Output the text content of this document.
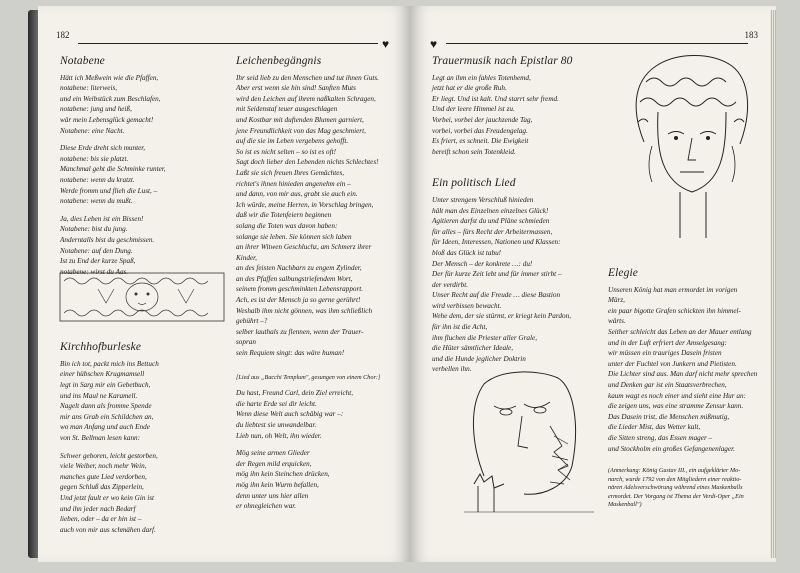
182
♥
Notabene
Hätt ich Meßwein wie die Pfaffen,
notabene: literweis,
und ein Weibstück zum Beschlafen,
notabene: jung und heiß,
wär mein Lebensglück gemacht!
Notabene: eine Nacht.
Diese Erde dreht sich munter,
notabene: bis sie platzt.
Manchmal geht die Schminke runter,
notabene: wenn du kratzt.
Werde fromm und flieh die Lust, –
notabene: wenn du mußt.
Ja, dies Leben ist ein Bissen!
Notabene: bist du jung.
Anderntalls bist du geschmissen.
Notabene: auf den Dung.
Ist zu End der kurze Spaß,
notabene: wirst du Aas.
Kirchhofburleske
Bin ich tot, packt mich ins Bettuch
einer hübschen Krugmamsell
legt in Sarg mir ein Gebetbuch,
und ins Maul ne Karamell.
Nagelt dann als fromme Spende
mir ans Grab ein Schildchen an,
wo man Anfang und auch Ende
von St. Bellman lesen kann:
Schwer geboren, leicht gestorben,
viele Weiber, noch mehr Wein,
manches gute Lied verdorben,
gegen Schluß das Zipperlein,
Und jetzt fault er wo kein Gin ist
und ihn jeder nach Bedarf
lieben, oder – da er hin ist –
auch von mir aus schmähen darf.
Leichenbegängnis
Ihr seid lieb zu den Menschen und tut ihnen Guts.
Aber erst wenn sie hin sind! Sanften Muts
wird den Leichen auf ihrem naßkalten Schragen,
mit Seidenstaf teuer ausgeschlagen
und Kostbar mit duftenden Blumen garniert,
jene Freundlichkeit von das Mag geschmiert,
auf die sie im Leben vergebens gehofft.
So ist es nicht selten – so ist es oft!
Sagt doch lieber den Lebenden nichts Schlechtes!
Laßt sie sich freuen Ihres Gemächtes,
richtet's ihnen hinieden angenehm ein –
und dann, von mir aus, grabt sie auch ein.
Ich würde, meine Herren, in Vorschlag bringen,
daß wir die Totenfeiern beginnen
solang die Toten was davon haben:
solange sie leben. Sie können sich laben
an ihrer Witwen Geschluchz, am Schmerz ihrer
Kinder,
an des feisten Nachbarn zu engem Zylinder,
an des Pfaffen salbungstriefendem Wort,
seinem fromm geschminkten Lebensrapport.
Ach, es ist der Mensch ja so gerne gerührt!
Weshalb ihm nicht gönnen, was ihm schließlich
gebührt –?
selber lauthals zu flennen, wenn der Trauer-
sopran
sein Requiem singt: das wäre human!
[Lied aus „Bacchi Templum", gesungen von einem Chor:]
Du hast, Freund Carl, dein Ziel erreicht,
die harte Erde sei dir leicht.
Wenn diese Welt auch schäbig war –:
du liebtest sie unwandelbar.
Lieb nun, oh Welt, ihn wieder.
Mög seine armen Glieder
der Regen mild erquicken,
mög ihn kein Steinchen drücken,
mög ihn kein Wurm befallen,
denn unter uns hier allen
er ohnegleichen war.
183
♥
Trauermusik nach Epistlar 80
Legt an ihm ein fahles Totenhemd,
jetzt hat er die große Ruh.
Er liegt. Und ist kalt. Und starrt sehr fremd.
Und der leere Himmel ist zu.
Vorbei, vorbei der jauchzende Tag,
vorbei, vorbei das Freudengelag.
Es friert, es schneit. Die Ewigkeit
bereift schon sein Totenkleid.
Ein politisch Lied
Unter strengem Verschluß hinieden
hält man des Einzelnen einzelnes Glück!
Agitieren darfst du und Pläne schmieden
für alles – fürs Recht der Arbeitermassen,
für Ideen, Interessen, Nationen und Klassen:
bloß das Glück ist tabu!
Der Mensch – der konkrete …: du!
Der für kurze Zeit lebt und für immer stirbt –
der verdirbt.
Unser Recht auf die Freude … diese Bastion
wird verbissen bewacht.
Wehe dem, der sie stürmt, er kriegt kein Pardon,
für ihn ist die Acht,
ihm fluchen die Priester aller Grale,
die Hüter sämtlicher Ideale,
und die Hunde jeglicher Doktrin
verbellen ihn.
Elegie
Unseren König hat man ermordet im vorigen
März,
ein paar bigotte Grafen schickten ihn himmel-
wärts.
Seither schleicht das Leben an der Mauer entlang
und in der Luft erfriert der Amselgesang:
wir müssen ein trauriges Dasein fristen
unter der Fuchtel von Junkern und Pietisten.
Die Lichter sind aus. Man darf nicht mehr sprechen
und Denken gar ist ein Staatsverbrechen,
kaum wagt es noch einer und sieht eine Hur an:
die zeigen uns, was eine stramme Zensur kann.
Das Dasein trist, die Menschen mißmutig,
die Lieder Mist, das Wetter kalt,
die Sitten streng, das Essen mager –
und Stockholm ein großes Gefangenenlager.
(Anmerkung: König Gustav III., ein aufgeklärter Mo-
narch, wurde 1792 von den Mitgliedern einer reaktio-
nären Adelsverschwörung während eines Maskenballs
ermordet. Der Vorgang ist Thema der Verdi-Oper „Ein
Maskenball")
